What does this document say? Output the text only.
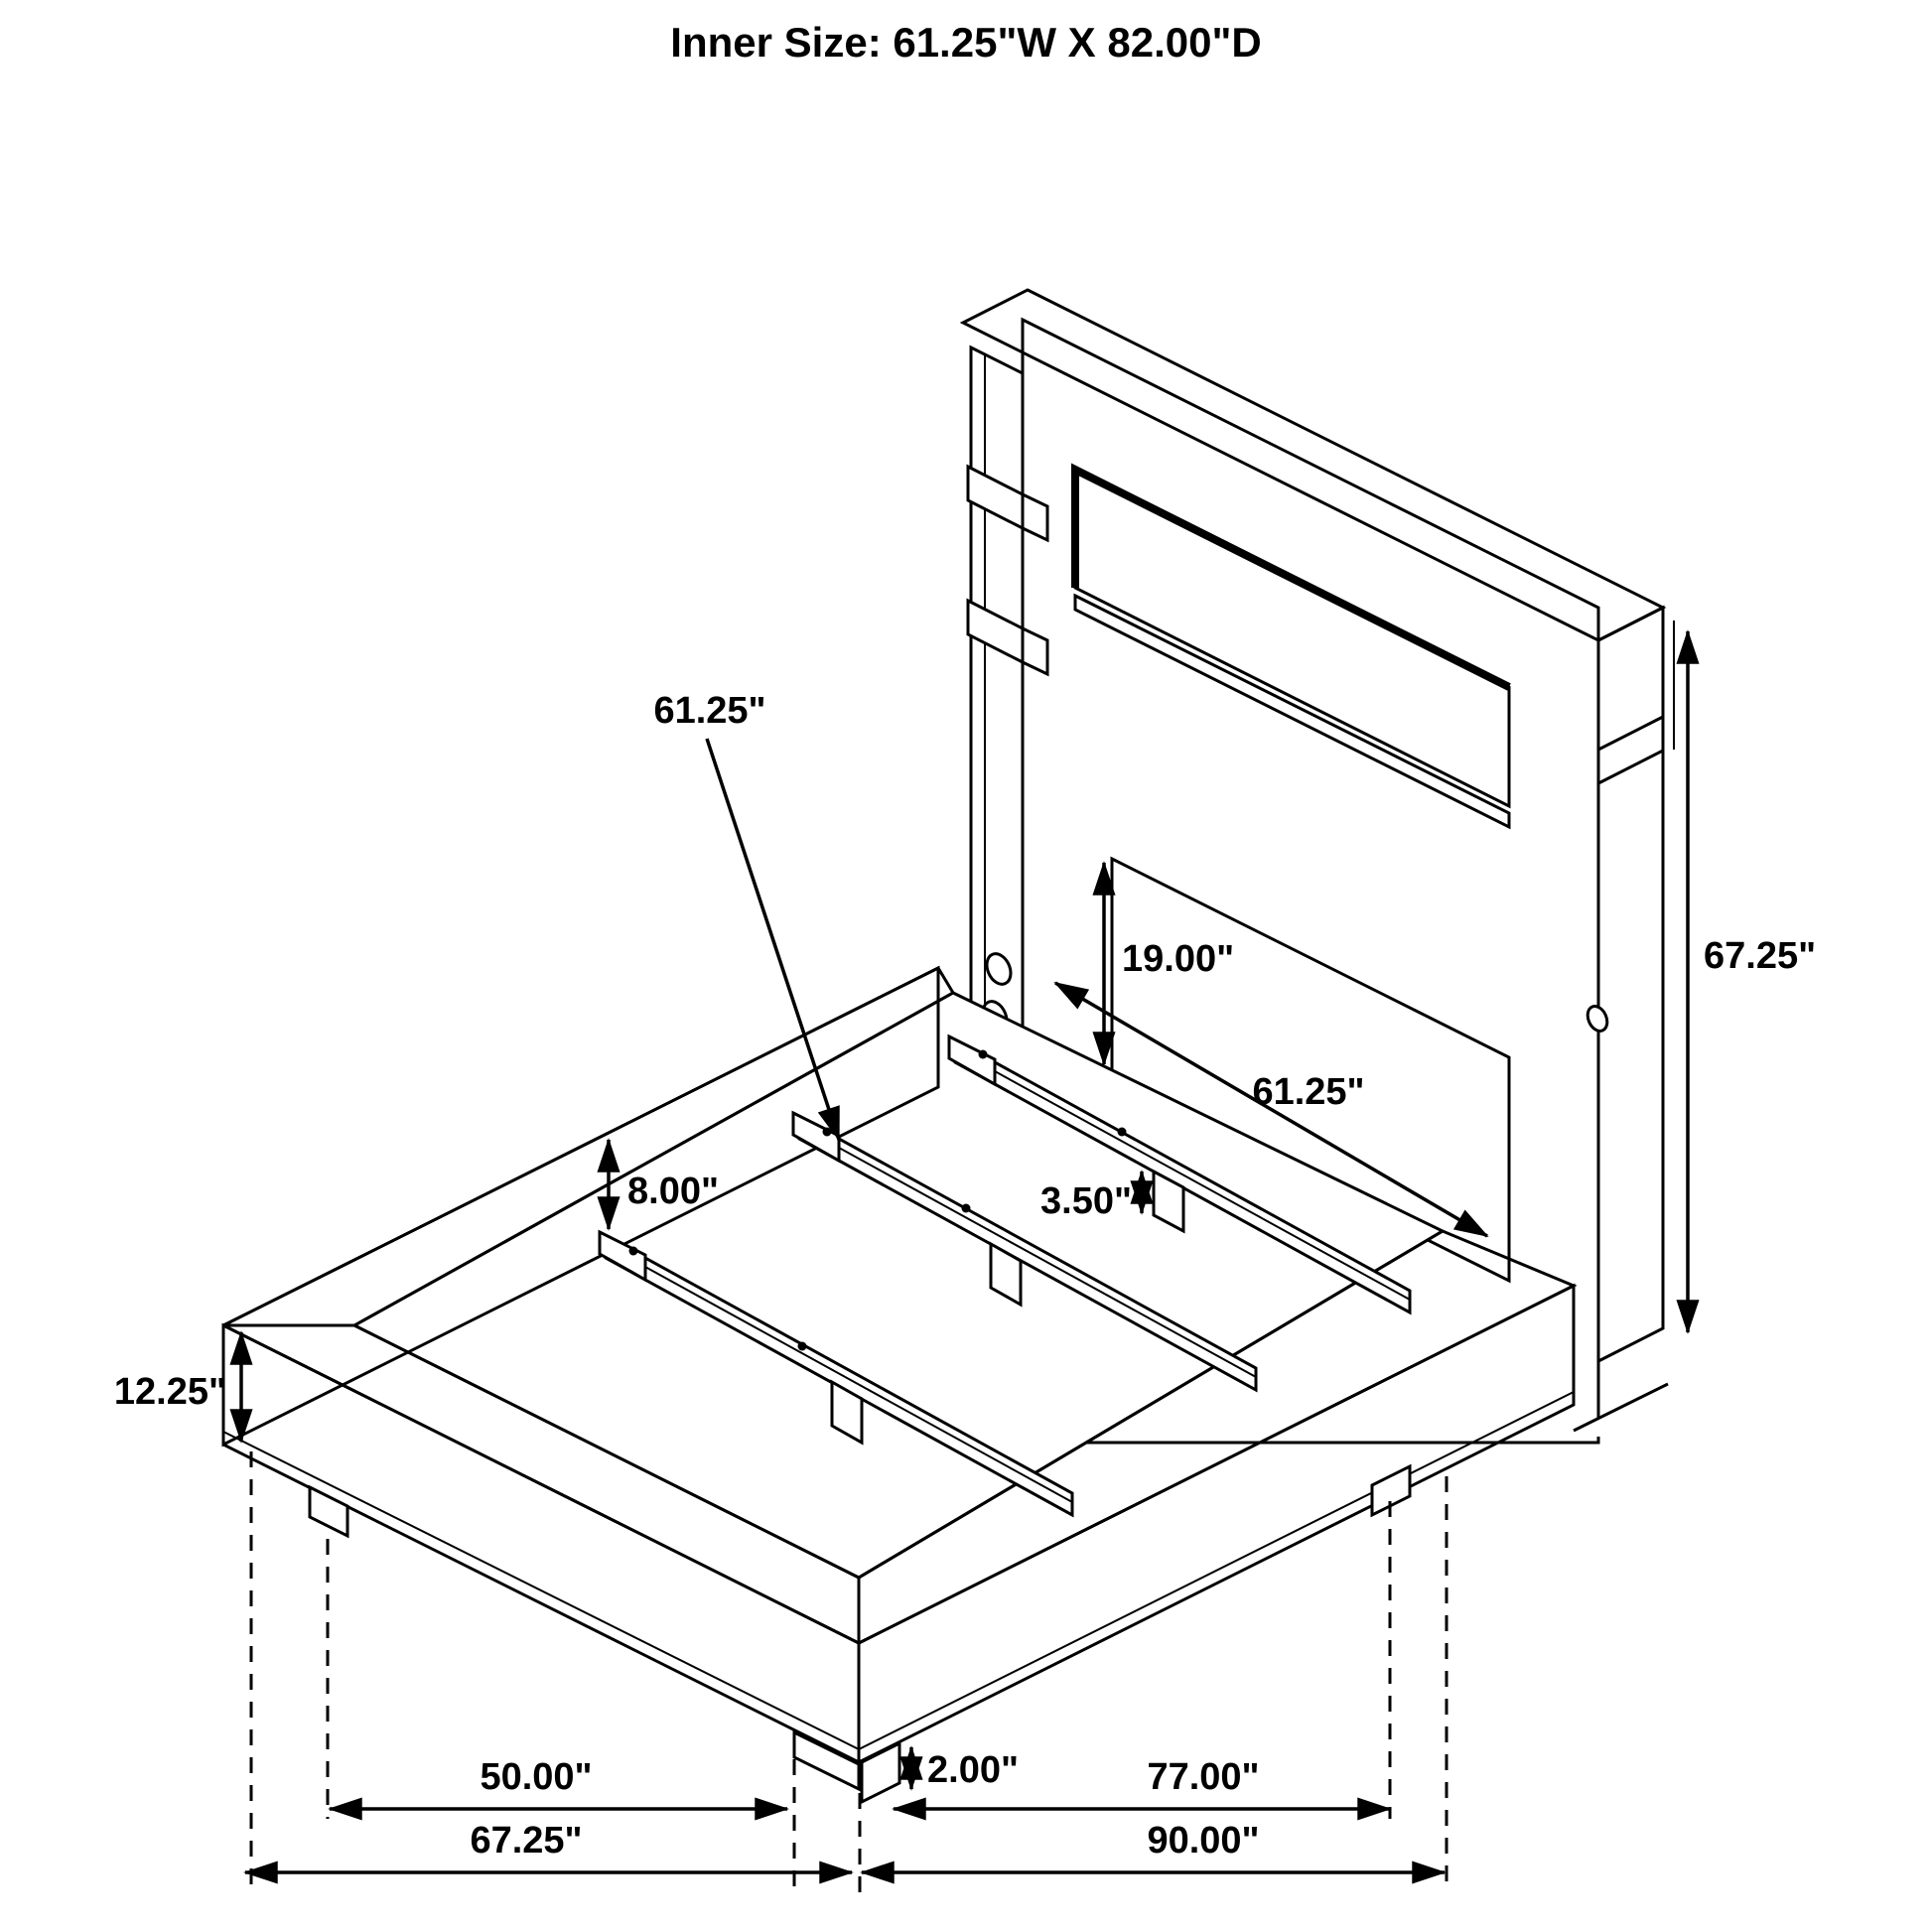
Inner Size: 61.25"W X 82.00"D
61.25"
19.00"
61.25"
8.00"	3.50"
67.25"
12.25"
2.00"
50.00"	77.00"
67.25"	90.00"
